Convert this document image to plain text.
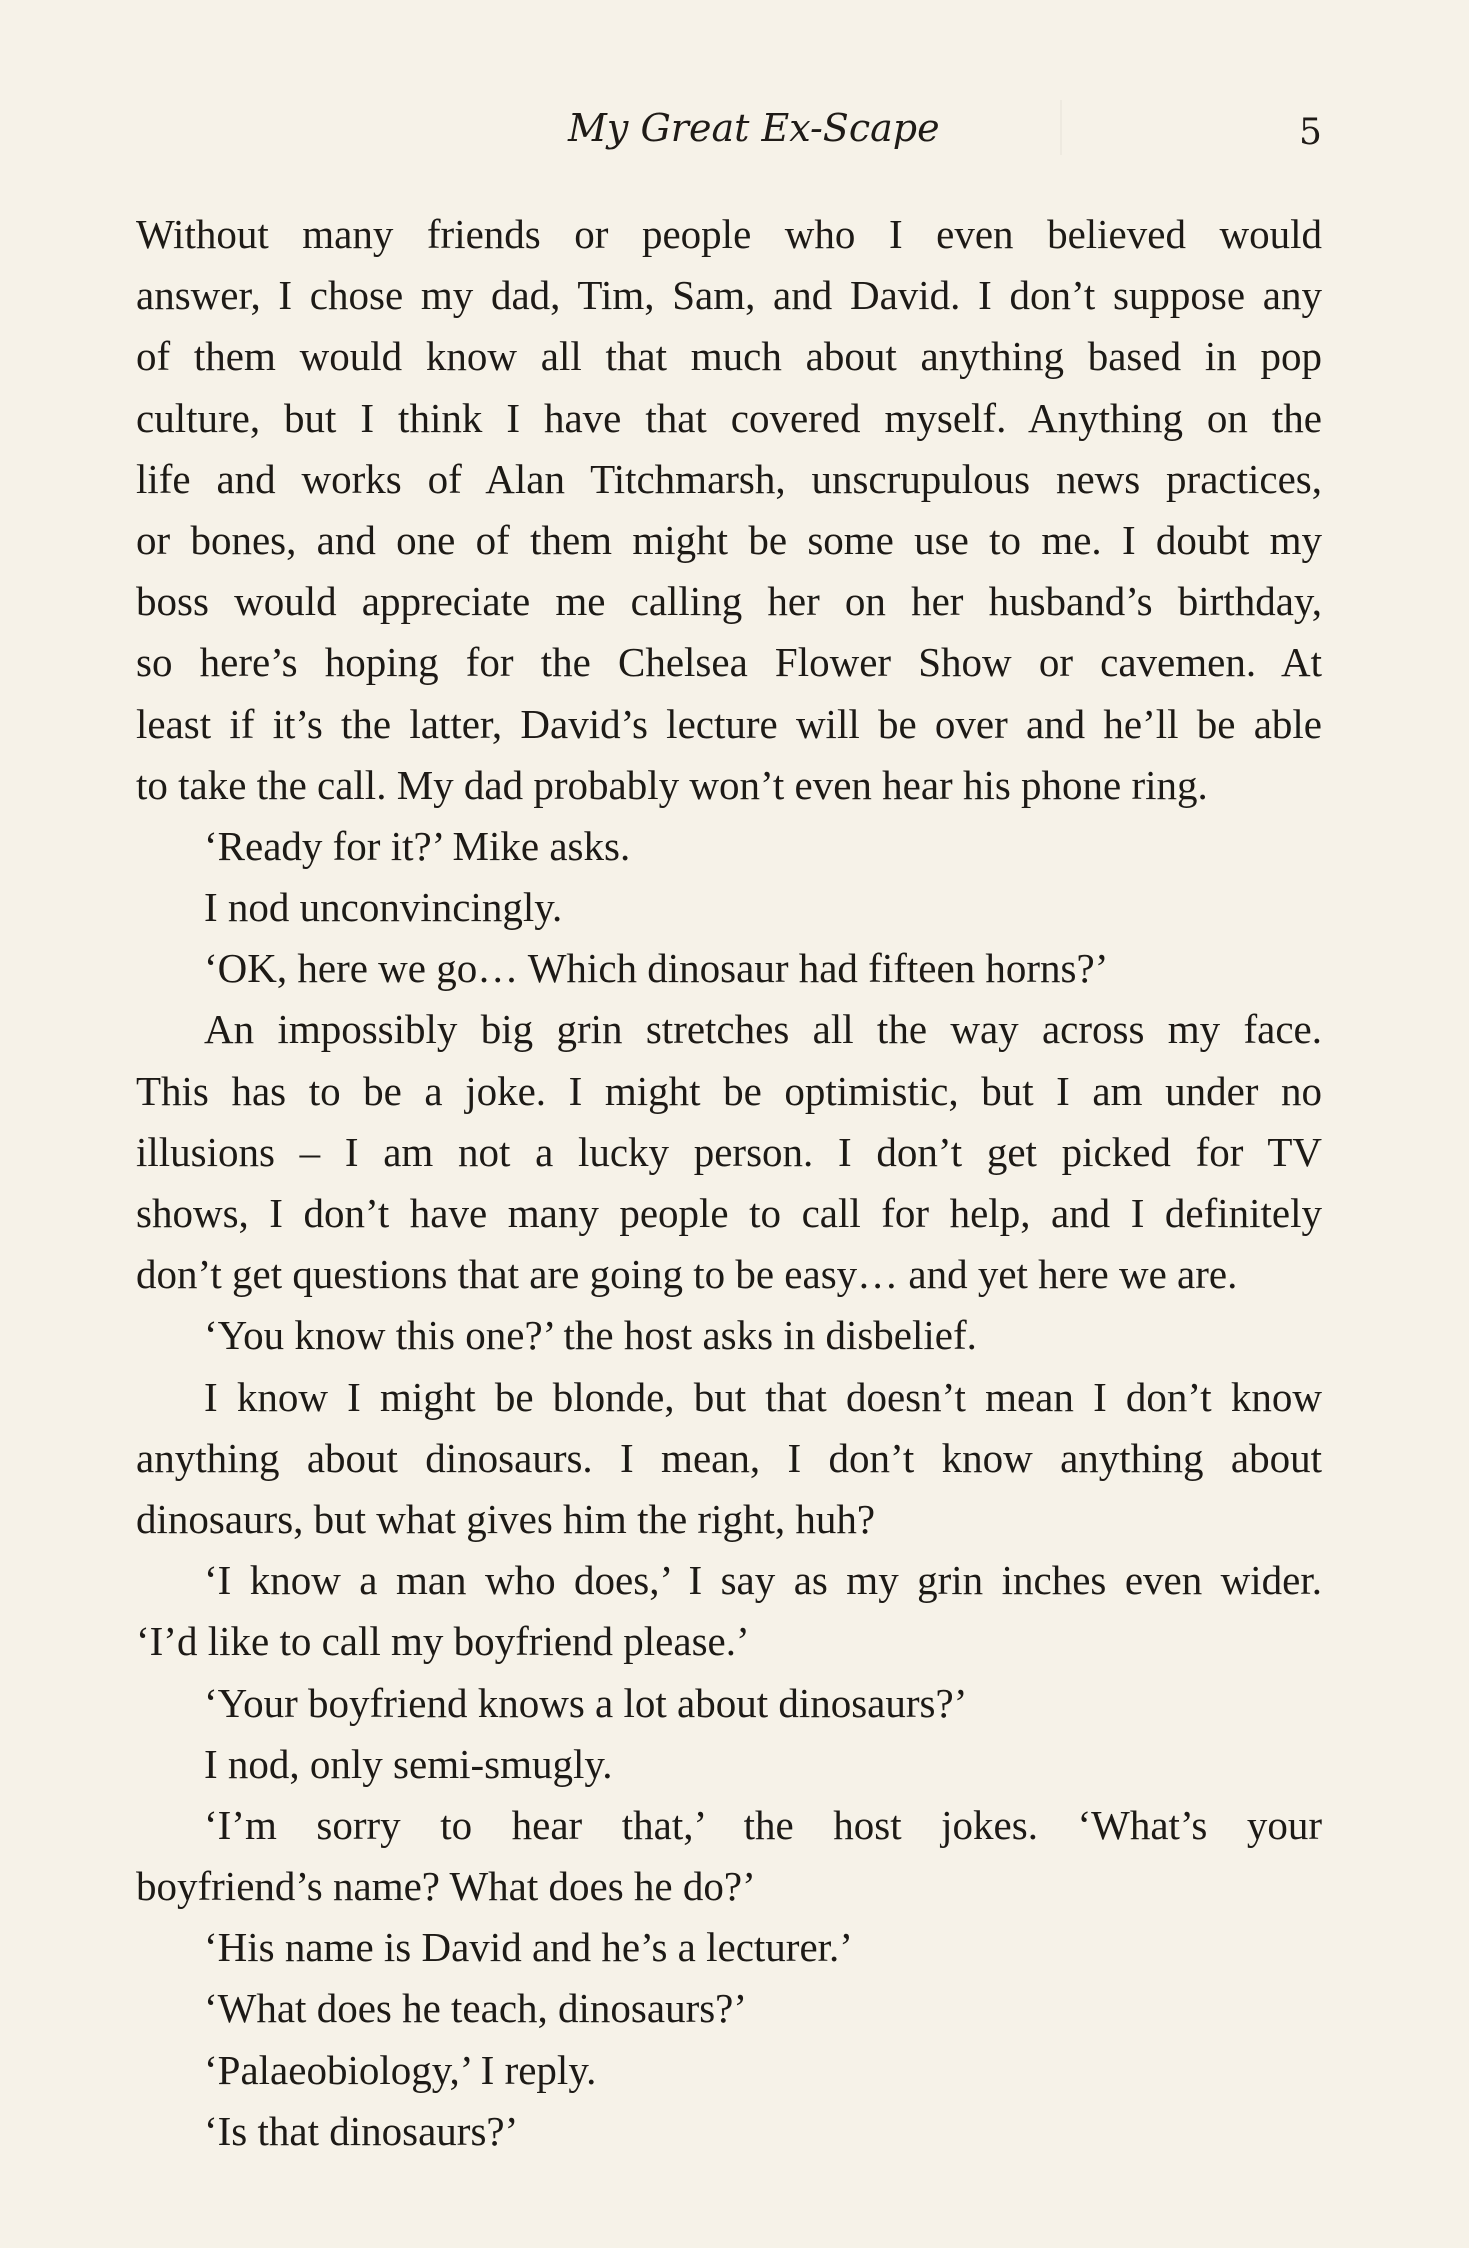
My Great Ex-Scape	5
Without many friends or people who I even believed would
answer, I chose my dad, Tim, Sam, and David. I don’t suppose any
of them would know all that much about anything based in pop
culture, but I think I have that covered myself. Anything on the
life and works of Alan Titchmarsh, unscrupulous news practices,
or bones, and one of them might be some use to me. I doubt my
boss would appreciate me calling her on her husband’s birthday,
so here’s hoping for the Chelsea Flower Show or cavemen. At
least if it’s the latter, David’s lecture will be over and he’ll be able
to take the call. My dad probably won’t even hear his phone ring.
‘Ready for it?’ Mike asks.
I nod unconvincingly.
‘OK, here we go… Which dinosaur had fifteen horns?’
An impossibly big grin stretches all the way across my face.
This has to be a joke. I might be optimistic, but I am under no
illusions – I am not a lucky person. I don’t get picked for TV
shows, I don’t have many people to call for help, and I definitely
don’t get questions that are going to be easy… and yet here we are.
‘You know this one?’ the host asks in disbelief.
I know I might be blonde, but that doesn’t mean I don’t know
anything about dinosaurs. I mean, I don’t know anything about
dinosaurs, but what gives him the right, huh?
‘I know a man who does,’ I say as my grin inches even wider.
‘I’d like to call my boyfriend please.’
‘Your boyfriend knows a lot about dinosaurs?’
I nod, only semi-smugly.
‘I’m sorry to hear that,’ the host jokes. ‘What’s your
boyfriend’s name? What does he do?’
‘His name is David and he’s a lecturer.’
‘What does he teach, dinosaurs?’
‘Palaeobiology,’ I reply.
‘Is that dinosaurs?’
